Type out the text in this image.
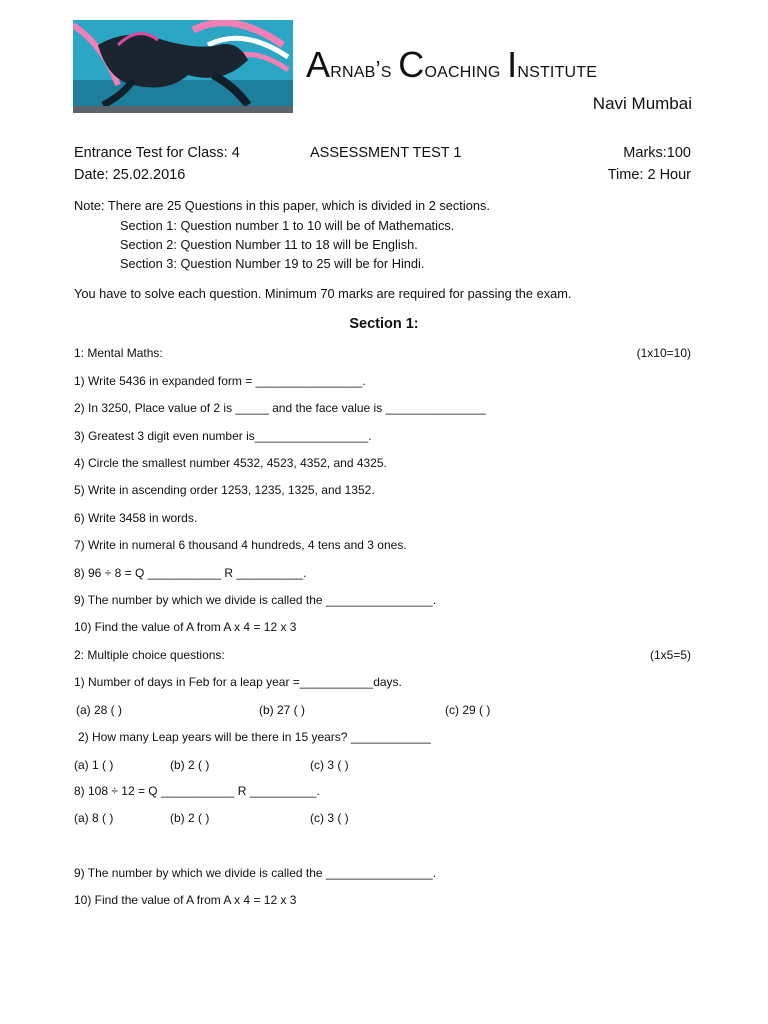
Arnab’s Coaching Institute
Navi Mumbai
Entrance Test for Class: 4	ASSESSMENT TEST 1	Marks:100
Date: 25.02.2016	Time: 2 Hour
Note: There are 25 Questions in this paper, which is divided in 2 sections.
Section 1: Question number 1 to 10 will be of Mathematics.
Section 2: Question Number 11 to 18 will be English.
Section 3: Question Number 19 to 25 will be for Hindi.
You have to solve each question. Minimum 70 marks are required for passing the exam.
Section 1:
1: Mental Maths:	(1x10=10)
1) Write 5436 in expanded form = ________________.
2) In 3250, Place value of 2 is _____ and the face value is _______________
3) Greatest 3 digit even number is_________________.
4) Circle the smallest number 4532, 4523, 4352, and 4325.
5) Write in ascending order 1253, 1235, 1325, and 1352.
6) Write 3458 in words.
7) Write in numeral 6 thousand 4 hundreds, 4 tens and 3 ones.
8) 96 ÷ 8 = Q ___________ R __________.
9) The number by which we divide is called the ________________.
10) Find the value of A from A x 4 = 12 x 3
2: Multiple choice questions:	(1x5=5)
1) Number of days in Feb for a leap year =___________days.
(a) 28 ( )	(b) 27 ( )	(c) 29 ( )
2) How many Leap years will be there in 15 years? ____________
(a) 1 ( )	(b) 2 ( )	(c) 3 ( )
8) 108 ÷ 12 = Q ___________ R __________.
(a) 8 ( )	(b) 2 ( )	(c) 3 ( )
9) The number by which we divide is called the ________________.
10) Find the value of A from A x 4 = 12 x 3
